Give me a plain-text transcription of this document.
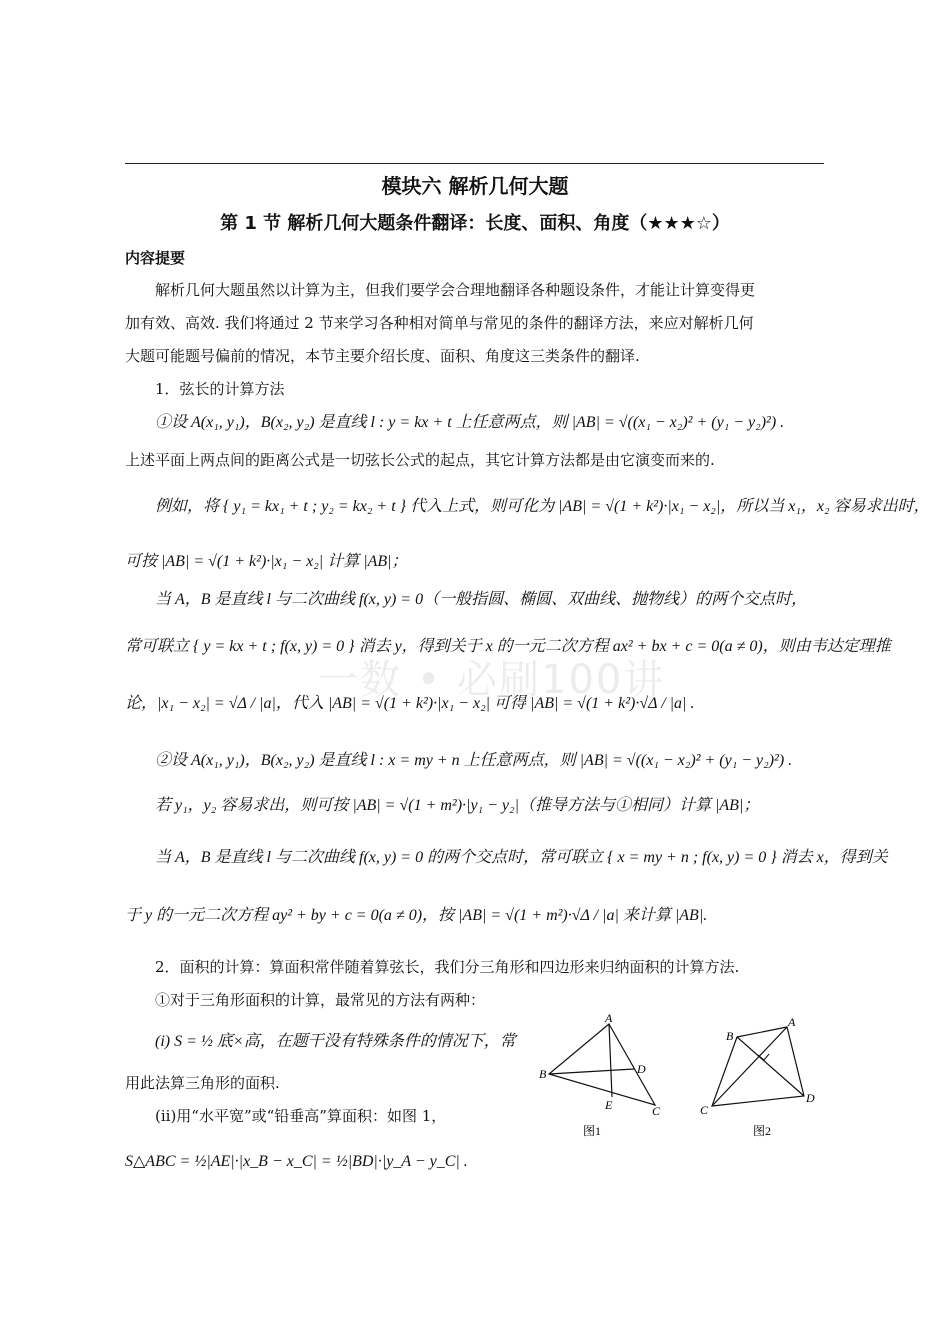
模块六 解析几何大题
第 1 节 解析几何大题条件翻译：长度、面积、角度（★★★☆）
内容提要
一数 • 必刷100讲
解析几何大题虽然以计算为主，但我们要学会合理地翻译各种题设条件，才能让计算变得更
加有效、高效. 我们将通过 2 节来学习各种相对简单与常见的条件的翻译方法，来应对解析几何
大题可能题号偏前的情况，本节主要介绍长度、面积、角度这三类条件的翻译.
1．弦长的计算方法
①设 A(x₁, y₁)，B(x₂, y₂) 是直线 l : y = kx + t 上任意两点，则 |AB| = √((x₁ − x₂)² + (y₁ − y₂)²) .
上述平面上两点间的距离公式是一切弦长公式的起点，其它计算方法都是由它演变而来的.
例如，将 { y₁ = kx₁ + t ; y₂ = kx₂ + t } 代入上式，则可化为 |AB| = √(1 + k²)·|x₁ − x₂|，所以当 x₁，x₂ 容易求出时，
可按 |AB| = √(1 + k²)·|x₁ − x₂| 计算 |AB|；
当 A，B 是直线 l 与二次曲线 f(x, y) = 0（一般指圆、椭圆、双曲线、抛物线）的两个交点时，
常可联立 { y = kx + t ; f(x, y) = 0 } 消去 y，得到关于 x 的一元二次方程 ax² + bx + c = 0(a ≠ 0)，则由韦达定理推
论，|x₁ − x₂| = √Δ / |a|，代入 |AB| = √(1 + k²)·|x₁ − x₂| 可得 |AB| = √(1 + k²)·√Δ / |a| .
②设 A(x₁, y₁)，B(x₂, y₂) 是直线 l : x = my + n 上任意两点，则 |AB| = √((x₁ − x₂)² + (y₁ − y₂)²) .
若 y₁，y₂ 容易求出，则可按 |AB| = √(1 + m²)·|y₁ − y₂|（推导方法与①相同）计算 |AB|；
当 A，B 是直线 l 与二次曲线 f(x, y) = 0 的两个交点时，常可联立 { x = my + n ; f(x, y) = 0 } 消去 x，得到关
于 y 的一元二次方程 ay² + by + c = 0(a ≠ 0)，按 |AB| = √(1 + m²)·√Δ / |a| 来计算 |AB|.
2．面积的计算：算面积常伴随着算弦长，我们分三角形和四边形来归纳面积的计算方法.
①对于三角形面积的计算，最常见的方法有两种：
(i) S = ½ 底×高，在题干没有特殊条件的情况下，常
用此法算三角形的面积.
(ii)用“水平宽”或“铅垂高”算面积：如图 1，
S△ABC = ½|AE|·|x_B − x_C| = ½|BD|·|y_A − y_C| .
A
B
C
D
E
图1
A
B
C
D
图2
